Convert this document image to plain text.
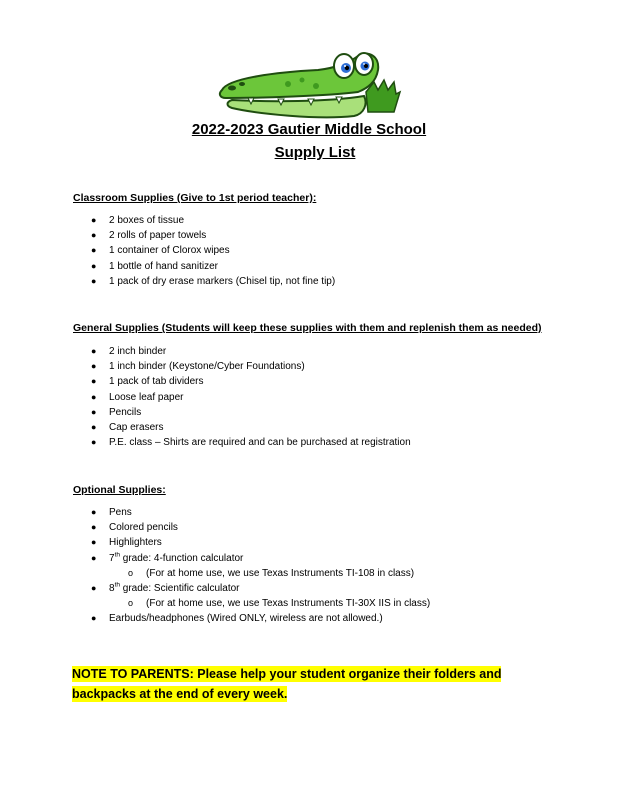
2022-2023 Gautier Middle School
Supply List
Classroom Supplies (Give to 1st period teacher):
● 2 boxes of tissue
● 2 rolls of paper towels
● 1 container of Clorox wipes
● 1 bottle of hand sanitizer
● 1 pack of dry erase markers (Chisel tip, not fine tip)
General Supplies (Students will keep these supplies with them and replenish them as needed)
● 2 inch binder
● 1 inch binder (Keystone/Cyber Foundations)
● 1 pack of tab dividers
● Loose leaf paper
● Pencils
● Cap erasers
● P.E. class – Shirts are required and can be purchased at registration
Optional Supplies:
● Pens
● Colored pencils
● Highlighters
● 7th grade: 4-function calculator
o (For at home use, we use Texas Instruments TI-108 in class)
● 8th grade: Scientific calculator
o (For at home use, we use Texas Instruments TI-30X IIS in class)
● Earbuds/headphones (Wired ONLY, wireless are not allowed.)
NOTE TO PARENTS: Please help your student organize their folders and
backpacks at the end of every week.
